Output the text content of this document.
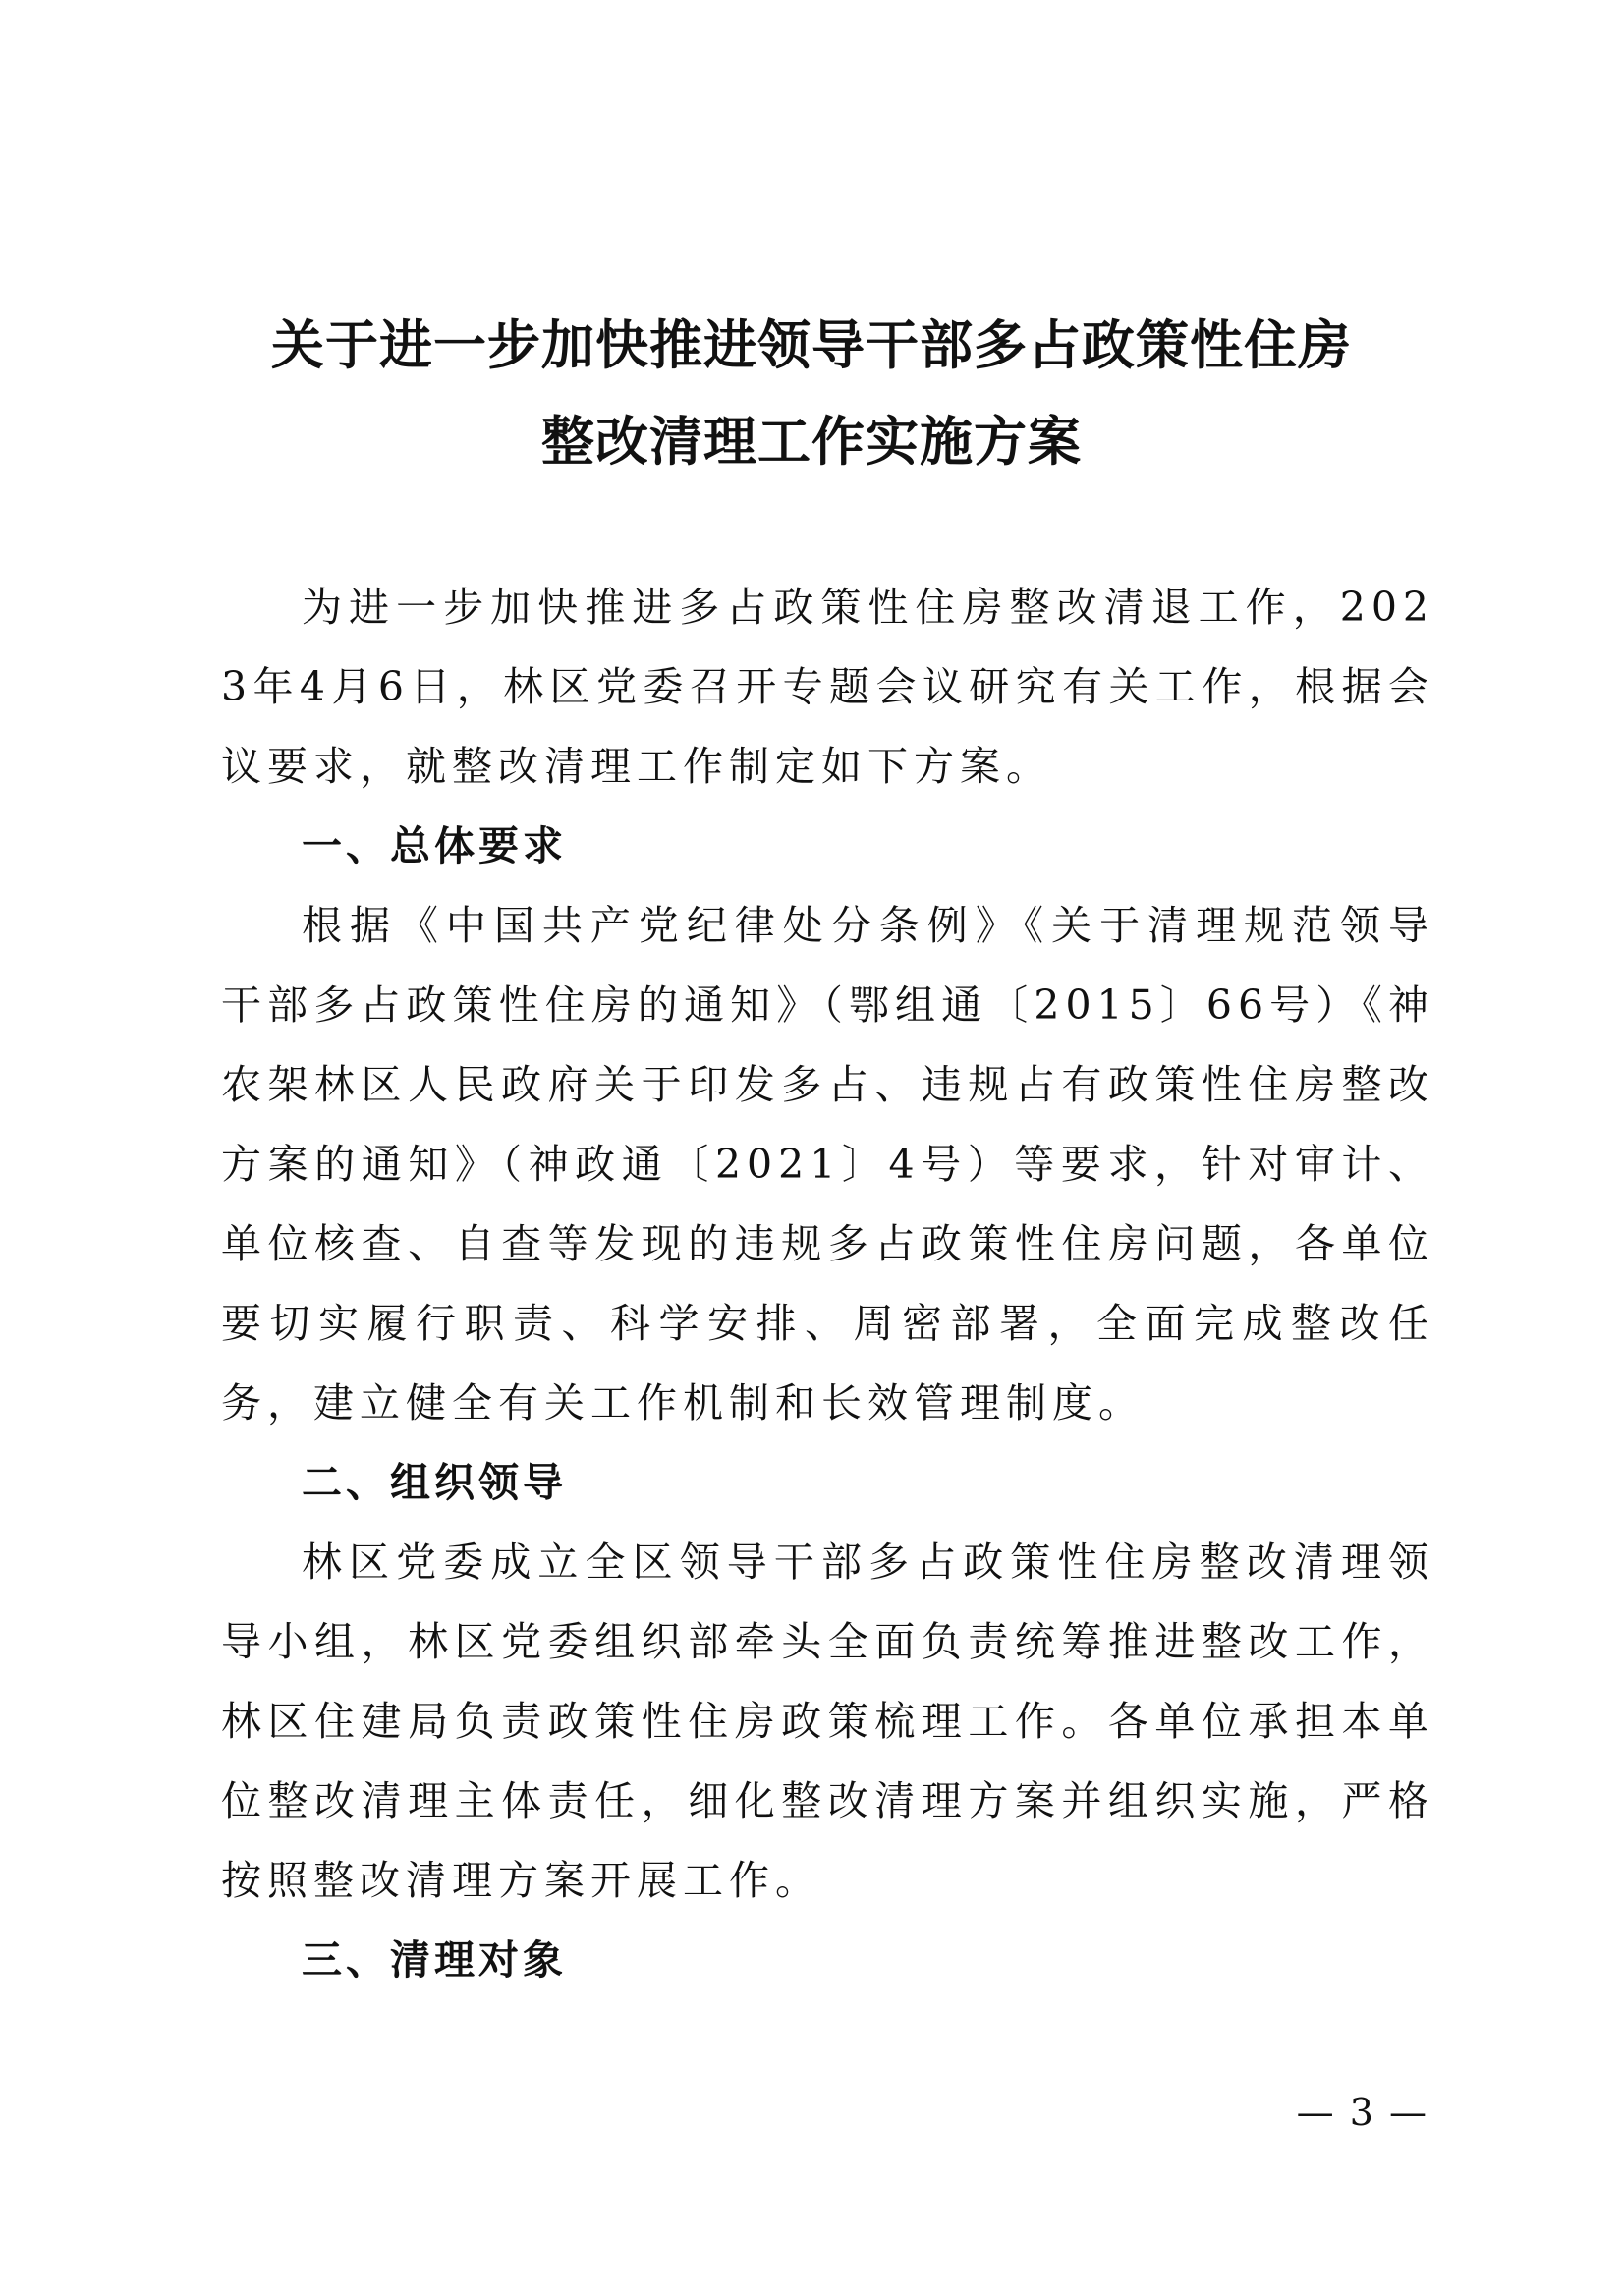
关于进一步加快推进领导干部多占政策性住房
整改清理工作实施方案

为进一步加快推进多占政策性住房整改清退工作，2023年4月6日，林区党委召开专题会议研究有关工作，根据会议要求，就整改清理工作制定如下方案。

一、总体要求

根据《中国共产党纪律处分条例》《关于清理规范领导干部多占政策性住房的通知》（鄂组通〔2015〕66号）《神农架林区人民政府关于印发多占、违规占有政策性住房整改方案的通知》（神政通〔2021〕4号）等要求，针对审计、单位核查、自查等发现的违规多占政策性住房问题，各单位要切实履行职责、科学安排、周密部署，全面完成整改任务，建立健全有关工作机制和长效管理制度。

二、组织领导

林区党委成立全区领导干部多占政策性住房整改清理领导小组，林区党委组织部牵头全面负责统筹推进整改工作，林区住建局负责政策性住房政策梳理工作。各单位承担本单位整改清理主体责任，细化整改清理方案并组织实施，严格按照整改清理方案开展工作。

三、清理对象
— 3 —
